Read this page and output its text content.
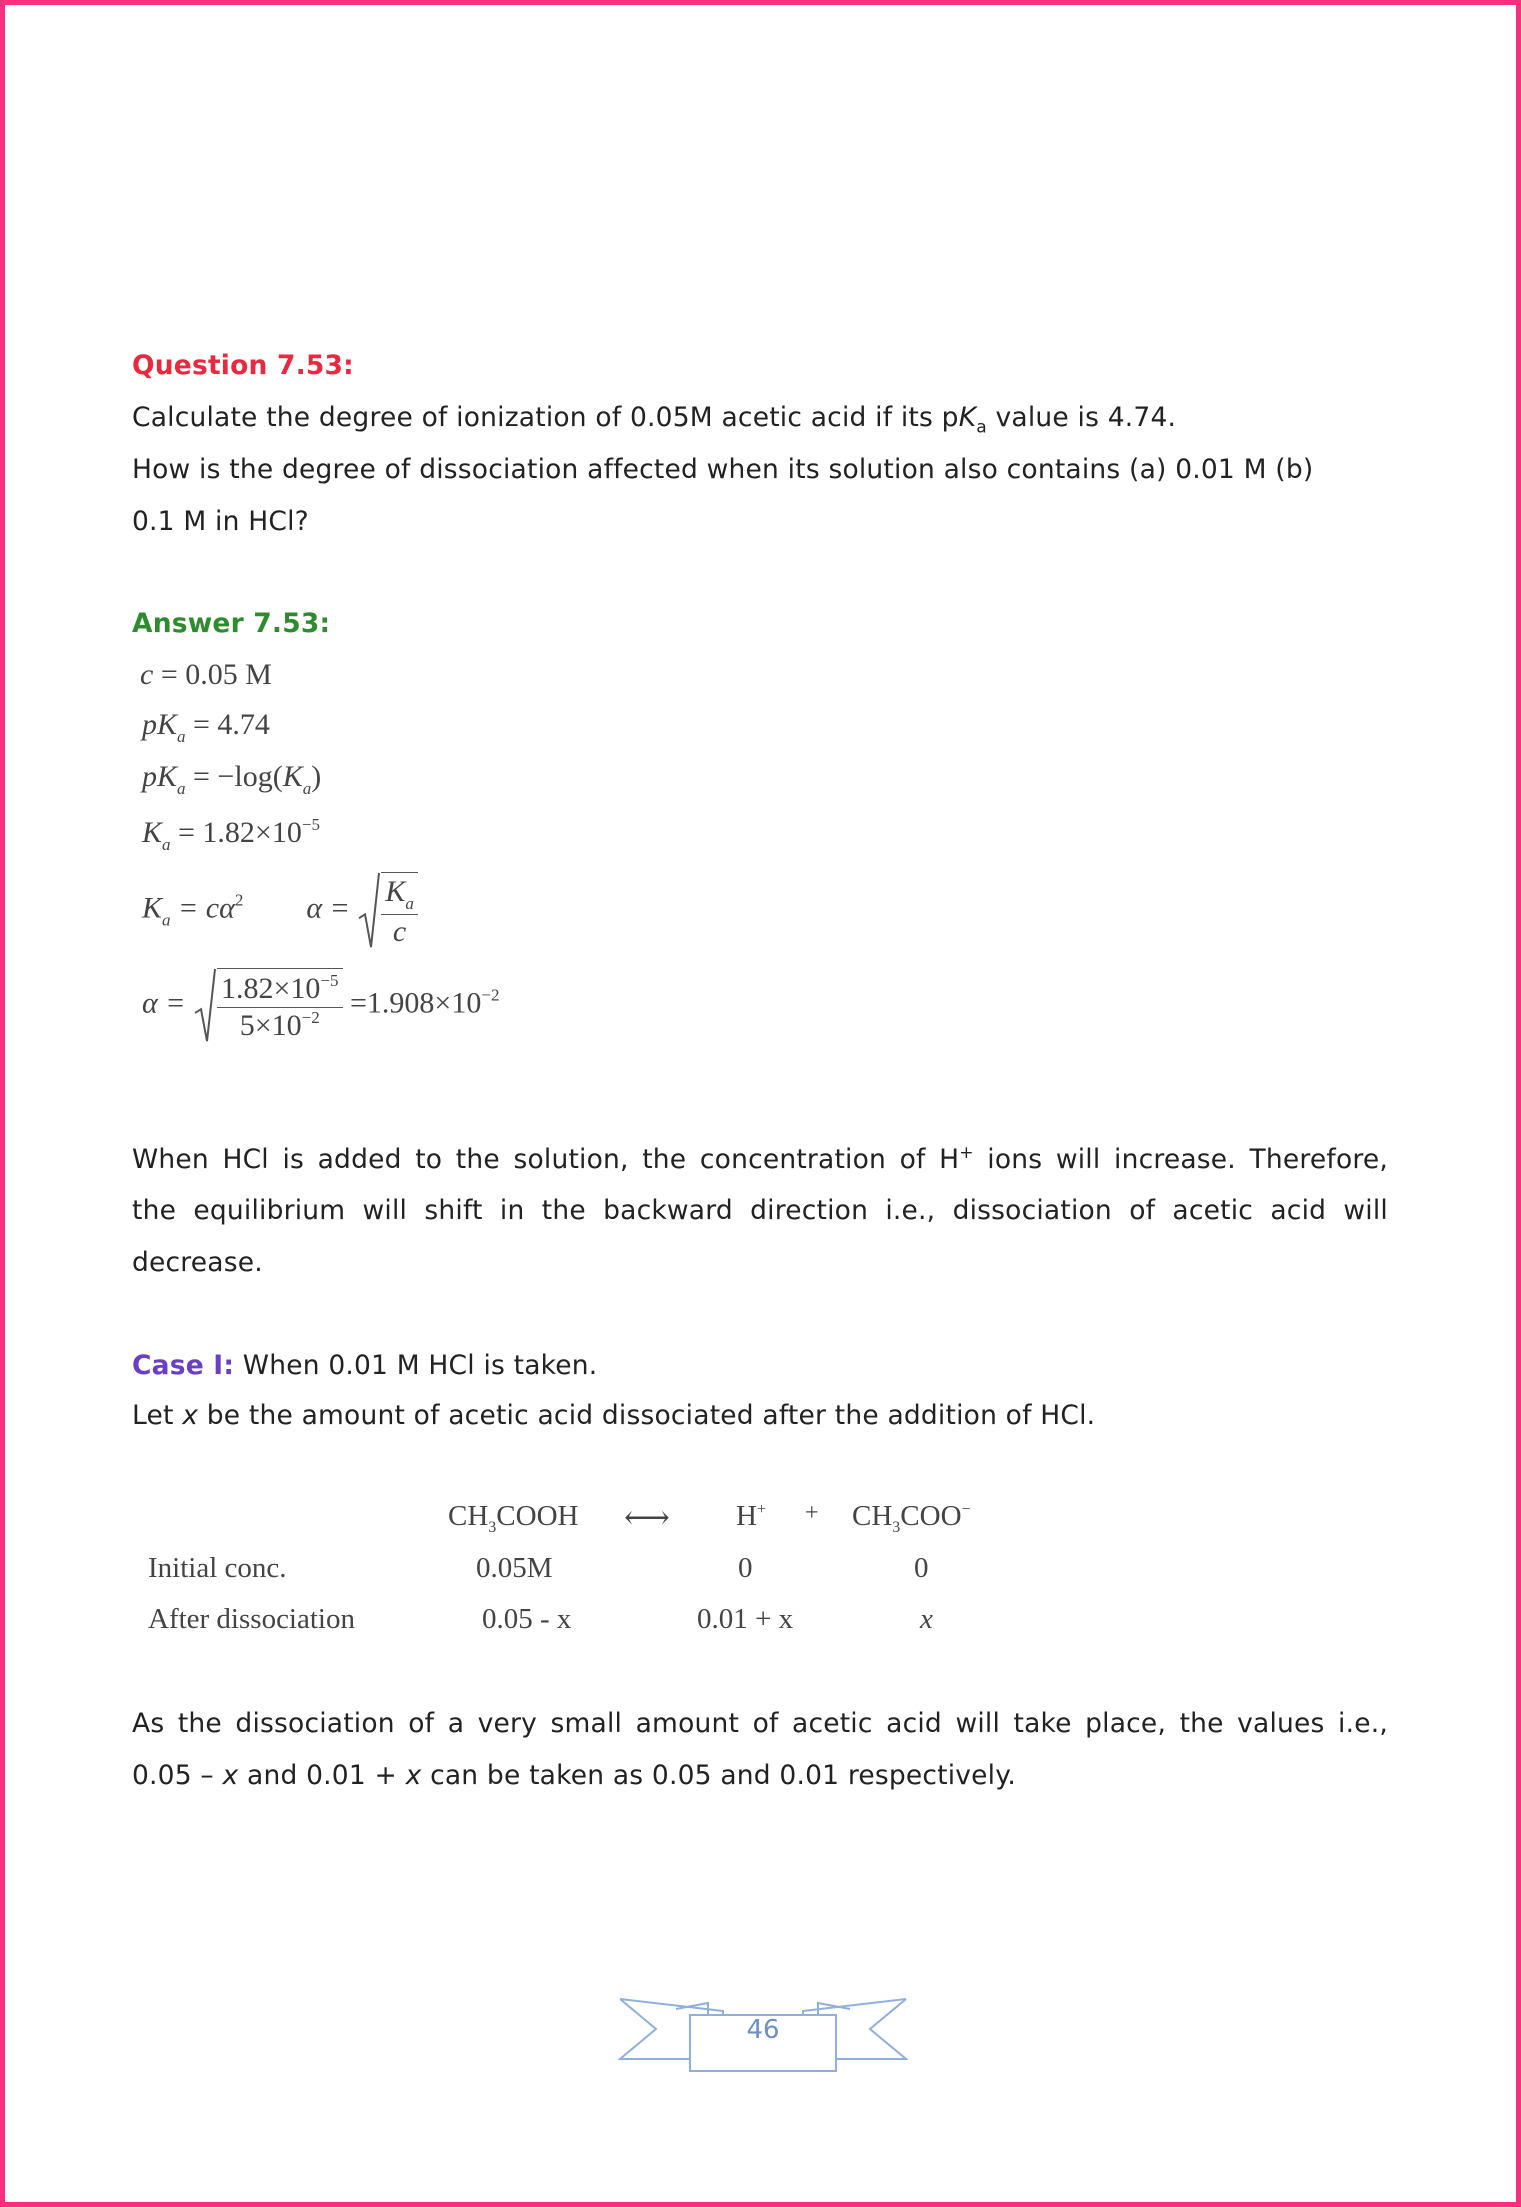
Question 7.53:
Calculate the degree of ionization of 0.05M acetic acid if its $pK_a$ value is 4.74.
How is the degree of dissociation affected when its solution also contains (a) 0.01 M (b)
0.1 M in HCl?
Answer 7.53:
c = 0.05 M
$pK_a = 4.74$
$pK_a = -\log(K_a)$
$K_a = 1.82\times 10^{-5}$
$K_a = c\alpha^2$ $\alpha = \frac{K_a}{c}$
$\alpha = \frac{1.82\times 10^{-5}}{5\times 10^{-2}} =1.908\times 10^{-2}$
When HCl is added to the solution, the concentration of H+ ions will increase. Therefore,
the equilibrium will shift in the backward direction i.e., dissociation of acetic acid will
decrease.
Case I: When 0.01 M HCl is taken.
Let x be the amount of acetic acid dissociated after the addition of HCl.
As the dissociation of a very small amount of acetic acid will take place, the values i.e.,
0.05 – x and 0.01 + x can be taken as 0.05 and 0.01 respectively.
$CH_3COOH$ ⟷ $H^+ + CH_3COO^-$
Initial conc.	0.05M	0	0
After dissociation	0.05 - x	0.01 + x	x
46
